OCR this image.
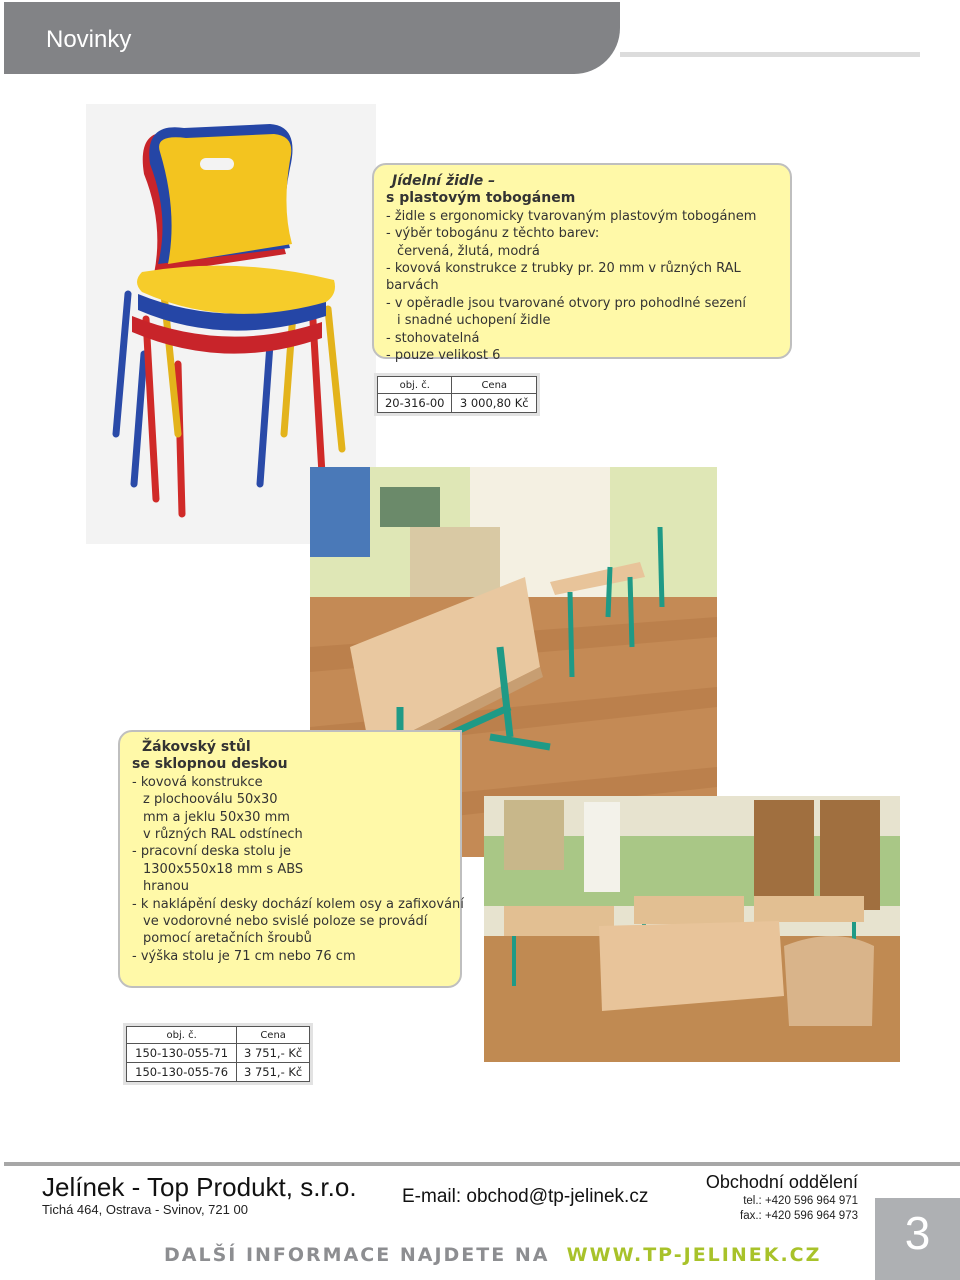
Novinky
Jídelní židle –
s plastovým tobogánem
- židle s ergonomicky tvarovaným plastovým tobogánem
- výběr tobogánu z těchto barev:
červená, žlutá, modrá
- kovová konstrukce z trubky pr. 20 mm v různých RAL barvách
- v opěradle jsou tvarované otvory pro pohodlné sezení
i snadné uchopení židle
- stohovatelná
- pouze velikost 6
obj. č.	Cena
20-316-00	3 000,80 Kč
Žákovský stůl
se sklopnou deskou
- kovová konstrukce
z plochooválu 50x30
mm a jeklu 50x30 mm
v různých RAL odstínech
- pracovní deska stolu je
1300x550x18 mm s ABS
hranou
- k naklápění desky dochází kolem osy a zafixování
ve vodorovné nebo svislé poloze se provádí
pomocí aretačních šroubů
- výška stolu je 71 cm nebo 76 cm
obj. č.	Cena
150-130-055-71	3 751,- Kč
150-130-055-76	3 751,- Kč
Jelínek - Top Produkt, s.r.o.
Tichá 464, Ostrava - Svinov, 721 00
E-mail: obchod@tp-jelinek.cz
Obchodní oddělení
tel.: +420 596 964 971
fax.: +420 596 964 973
DALŠÍ INFORMACE NAJDETE NA WWW.TP-JELINEK.CZ	3
